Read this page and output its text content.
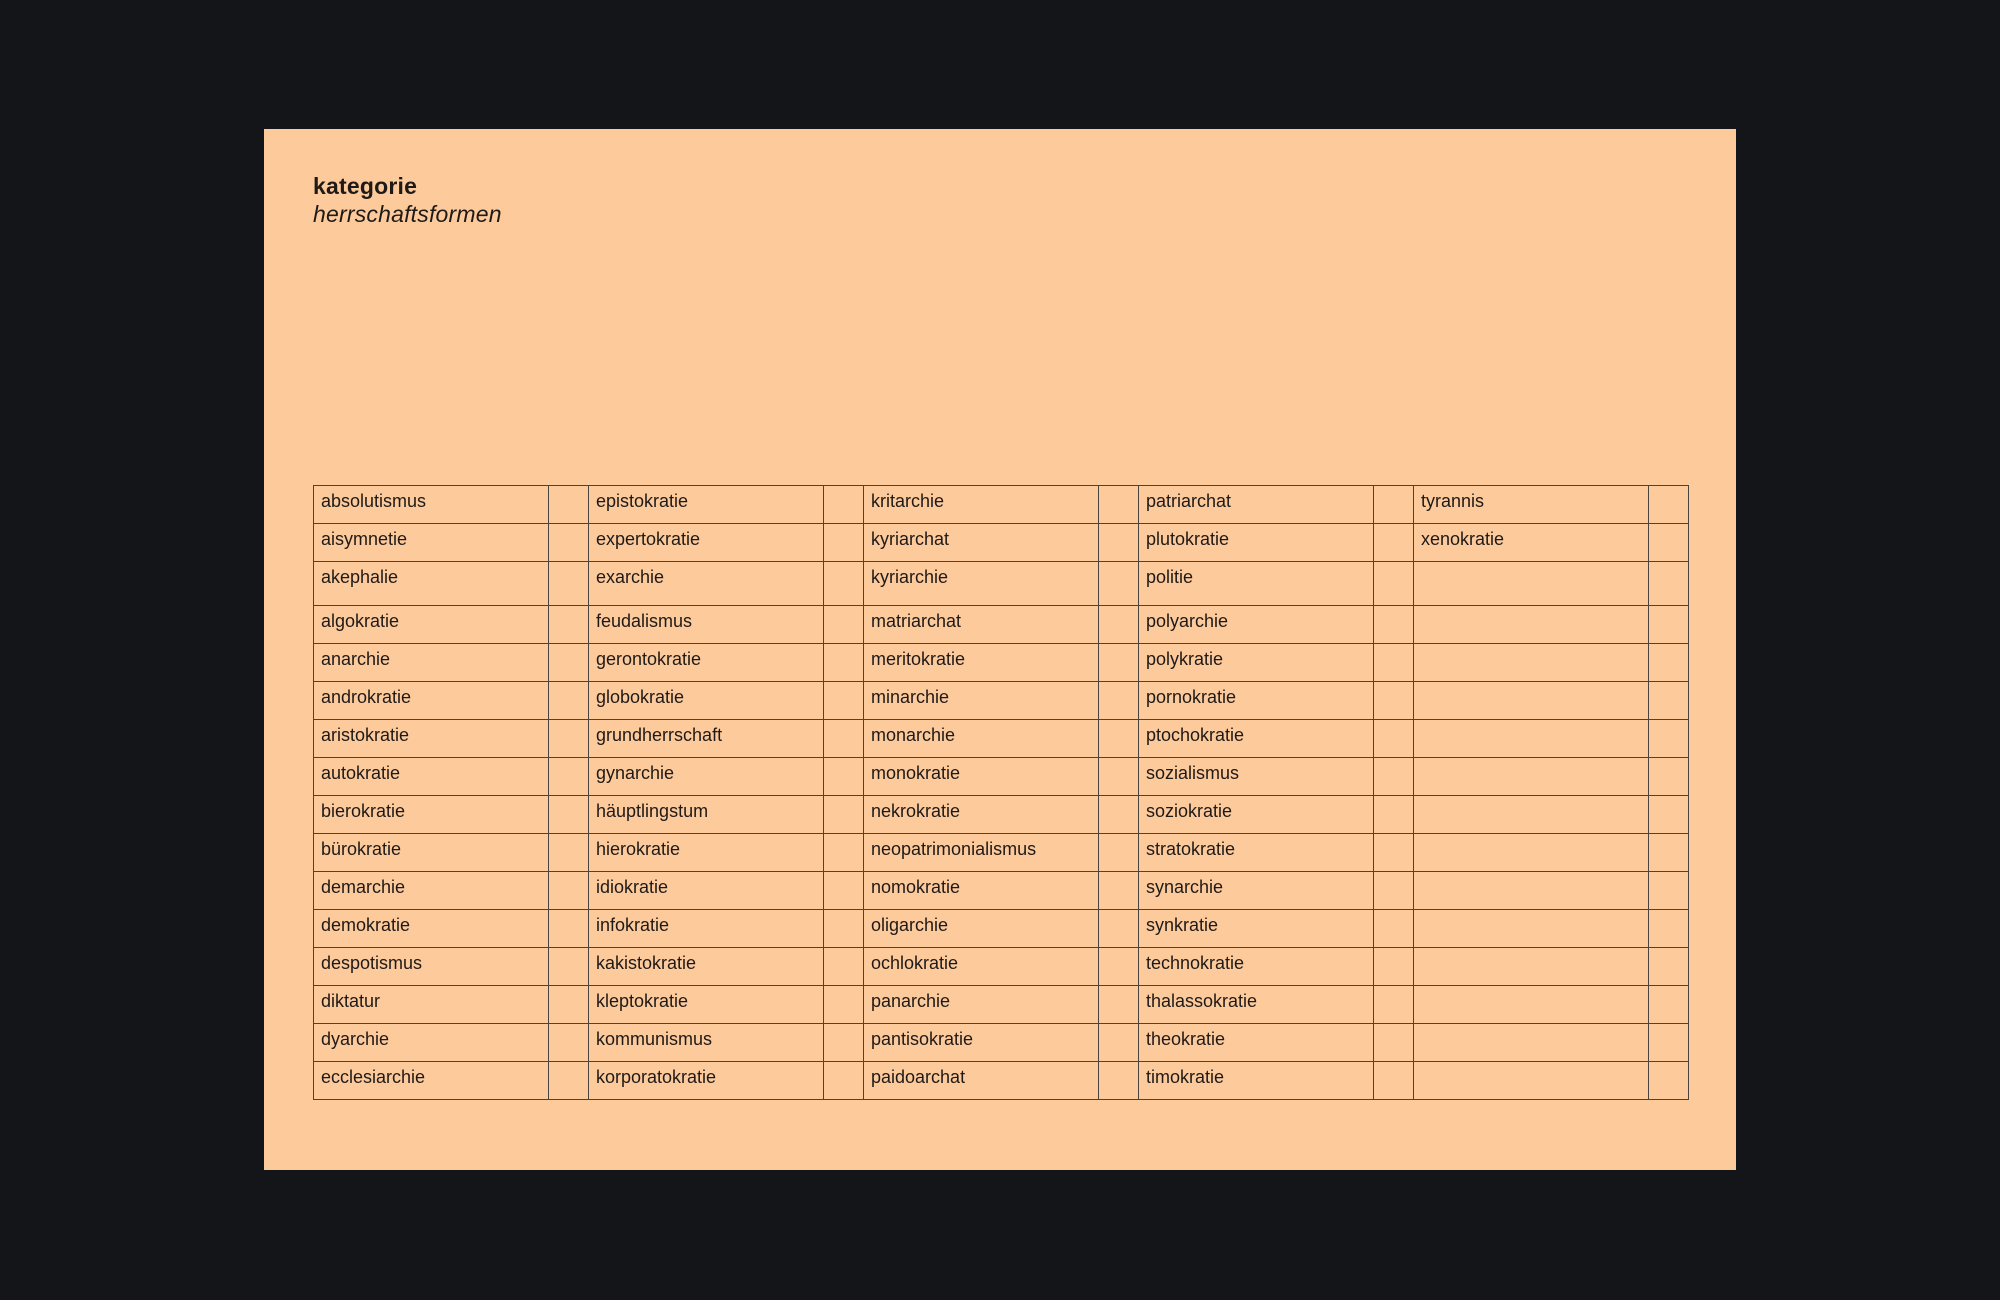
kategorie
herrschaftsformen
absolutismus		epistokratie		kritarchie		patriarchat		tyrannis	
aisymnetie		expertokratie		kyriarchat		plutokratie		xenokratie	
akephalie		exarchie		kyriarchie		politie			
algokratie		feudalismus		matriarchat		polyarchie			
anarchie		gerontokratie		meritokratie		polykratie			
androkratie		globokratie		minarchie		pornokratie			
aristokratie		grundherrschaft		monarchie		ptochokratie			
autokratie		gynarchie		monokratie		sozialismus			
bierokratie		häuptlingstum		nekrokratie		soziokratie			
bürokratie		hierokratie		neopatrimonialismus		stratokratie			
demarchie		idiokratie		nomokratie		synarchie			
demokratie		infokratie		oligarchie		synkratie			
despotismus		kakistokratie		ochlokratie		technokratie			
diktatur		kleptokratie		panarchie		thalassokratie			
dyarchie		kommunismus		pantisokratie		theokratie			
ecclesiarchie		korporatokratie		paidoarchat		timokratie			
